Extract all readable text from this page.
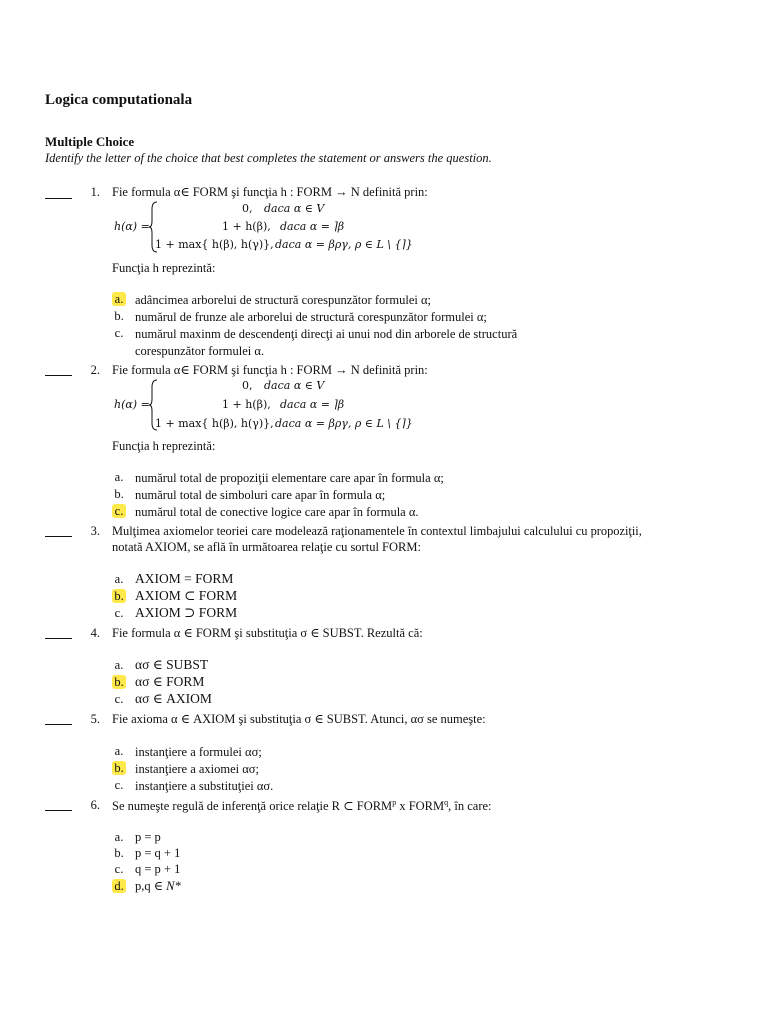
Logica computationala
Multiple Choice
Identify the letter of the choice that best completes the statement or answers the question.
1. Fie formula α∈ FORM şi funcţia h : FORM → N definită prin:
h(α) =
0, daca α ∈ V
1 + h(β), daca α = ⌉β
1 + max{ h(β), h(γ)}, daca α = βργ, ρ ∈ L \ {⌉}
Funcţia h reprezintă:
a. adâncimea arborelui de structură corespunzător formulei α;
b. numărul de frunze ale arborelui de structură corespunzător formulei α;
c. numărul maxinm de descendenţi direcţi ai unui nod din arborele de structură
corespunzător formulei α.
2. Fie formula α∈ FORM şi funcţia h : FORM → N definită prin:
h(α) =
0, daca α ∈ V
1 + h(β), daca α = ⌉β
1 + max{ h(β), h(γ)}, daca α = βργ, ρ ∈ L \ {⌉}
Funcţia h reprezintă:
a. numărul total de propoziţii elementare care apar în formula α;
b. numărul total de simboluri care apar în formula α;
c. numărul total de conective logice care apar în formula α.
3. Mulţimea axiomelor teoriei care modelează raţionamentele în contextul limbajului calculului cu propoziţii,
notată AXIOM, se află în următoarea relaţie cu sortul FORM:
a. AXIOM = FORM
b. AXIOM ⊂ FORM
c. AXIOM ⊃ FORM
4. Fie formula α ∈ FORM şi substituţia σ ∈ SUBST. Rezultă că:
a. ασ ∈ SUBST
b. ασ ∈ FORM
c. ασ ∈ AXIOM
5. Fie axioma α ∈ AXIOM şi substituţia σ ∈ SUBST. Atunci, ασ se numeşte:
a. instanţiere a formulei ασ;
b. instanţiere a axiomei ασ;
c. instanţiere a substituţiei ασ.
6. Se numeşte regulă de inferenţă orice relaţie R ⊂ FORM$^p$ x FORM$^q$, în care:
a. p = p
b. p = q + 1
c. q = p + 1
d. p,q ∈ N*
